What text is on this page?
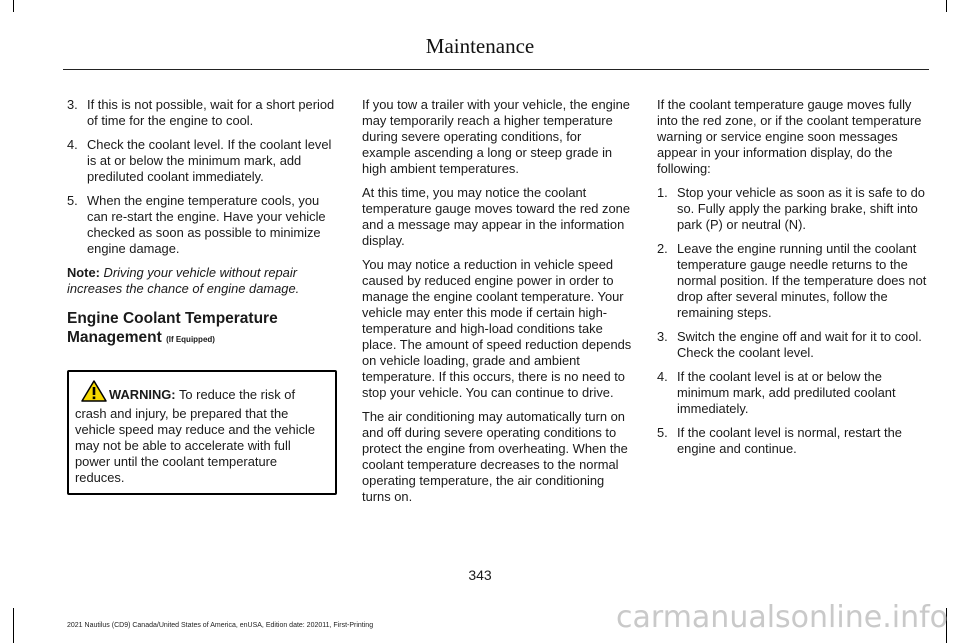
Maintenance
3. If this is not possible, wait for a short period of time for the engine to cool.
4. Check the coolant level. If the coolant level is at or below the minimum mark, add prediluted coolant immediately.
5. When the engine temperature cools, you can re-start the engine. Have your vehicle checked as soon as possible to minimize engine damage.

Note: Driving your vehicle without repair increases the chance of engine damage.

Engine Coolant Temperature
Management (If Equipped)
WARNING: To reduce the risk of crash and injury, be prepared that the vehicle speed may reduce and the vehicle may not be able to accelerate with full power until the coolant temperature reduces.

If you tow a trailer with your vehicle, the engine may temporarily reach a higher temperature during severe operating conditions, for example ascending a long or steep grade in high ambient temperatures.

At this time, you may notice the coolant temperature gauge moves toward the red zone and a message may appear in the information display.

You may notice a reduction in vehicle speed caused by reduced engine power in order to manage the engine coolant temperature. Your vehicle may enter this mode if certain high-temperature and high-load conditions take place. The amount of speed reduction depends on vehicle loading, grade and ambient temperature. If this occurs, there is no need to stop your vehicle. You can continue to drive.

The air conditioning may automatically turn on and off during severe operating conditions to protect the engine from overheating. When the coolant temperature decreases to the normal operating temperature, the air conditioning turns on.

If the coolant temperature gauge moves fully into the red zone, or if the coolant temperature warning or service engine soon messages appear in your information display, do the following:

1. Stop your vehicle as soon as it is safe to do so. Fully apply the parking brake, shift into park (P) or neutral (N).
2. Leave the engine running until the coolant temperature gauge needle returns to the normal position. If the temperature does not drop after several minutes, follow the remaining steps.
3. Switch the engine off and wait for it to cool. Check the coolant level.
4. If the coolant level is at or below the minimum mark, add prediluted coolant immediately.
5. If the coolant level is normal, restart the engine and continue.
343
2021 Nautilus (CD9) Canada/United States of America, enUSA, Edition date: 202011, First-Printing	carmanualsonline.info
